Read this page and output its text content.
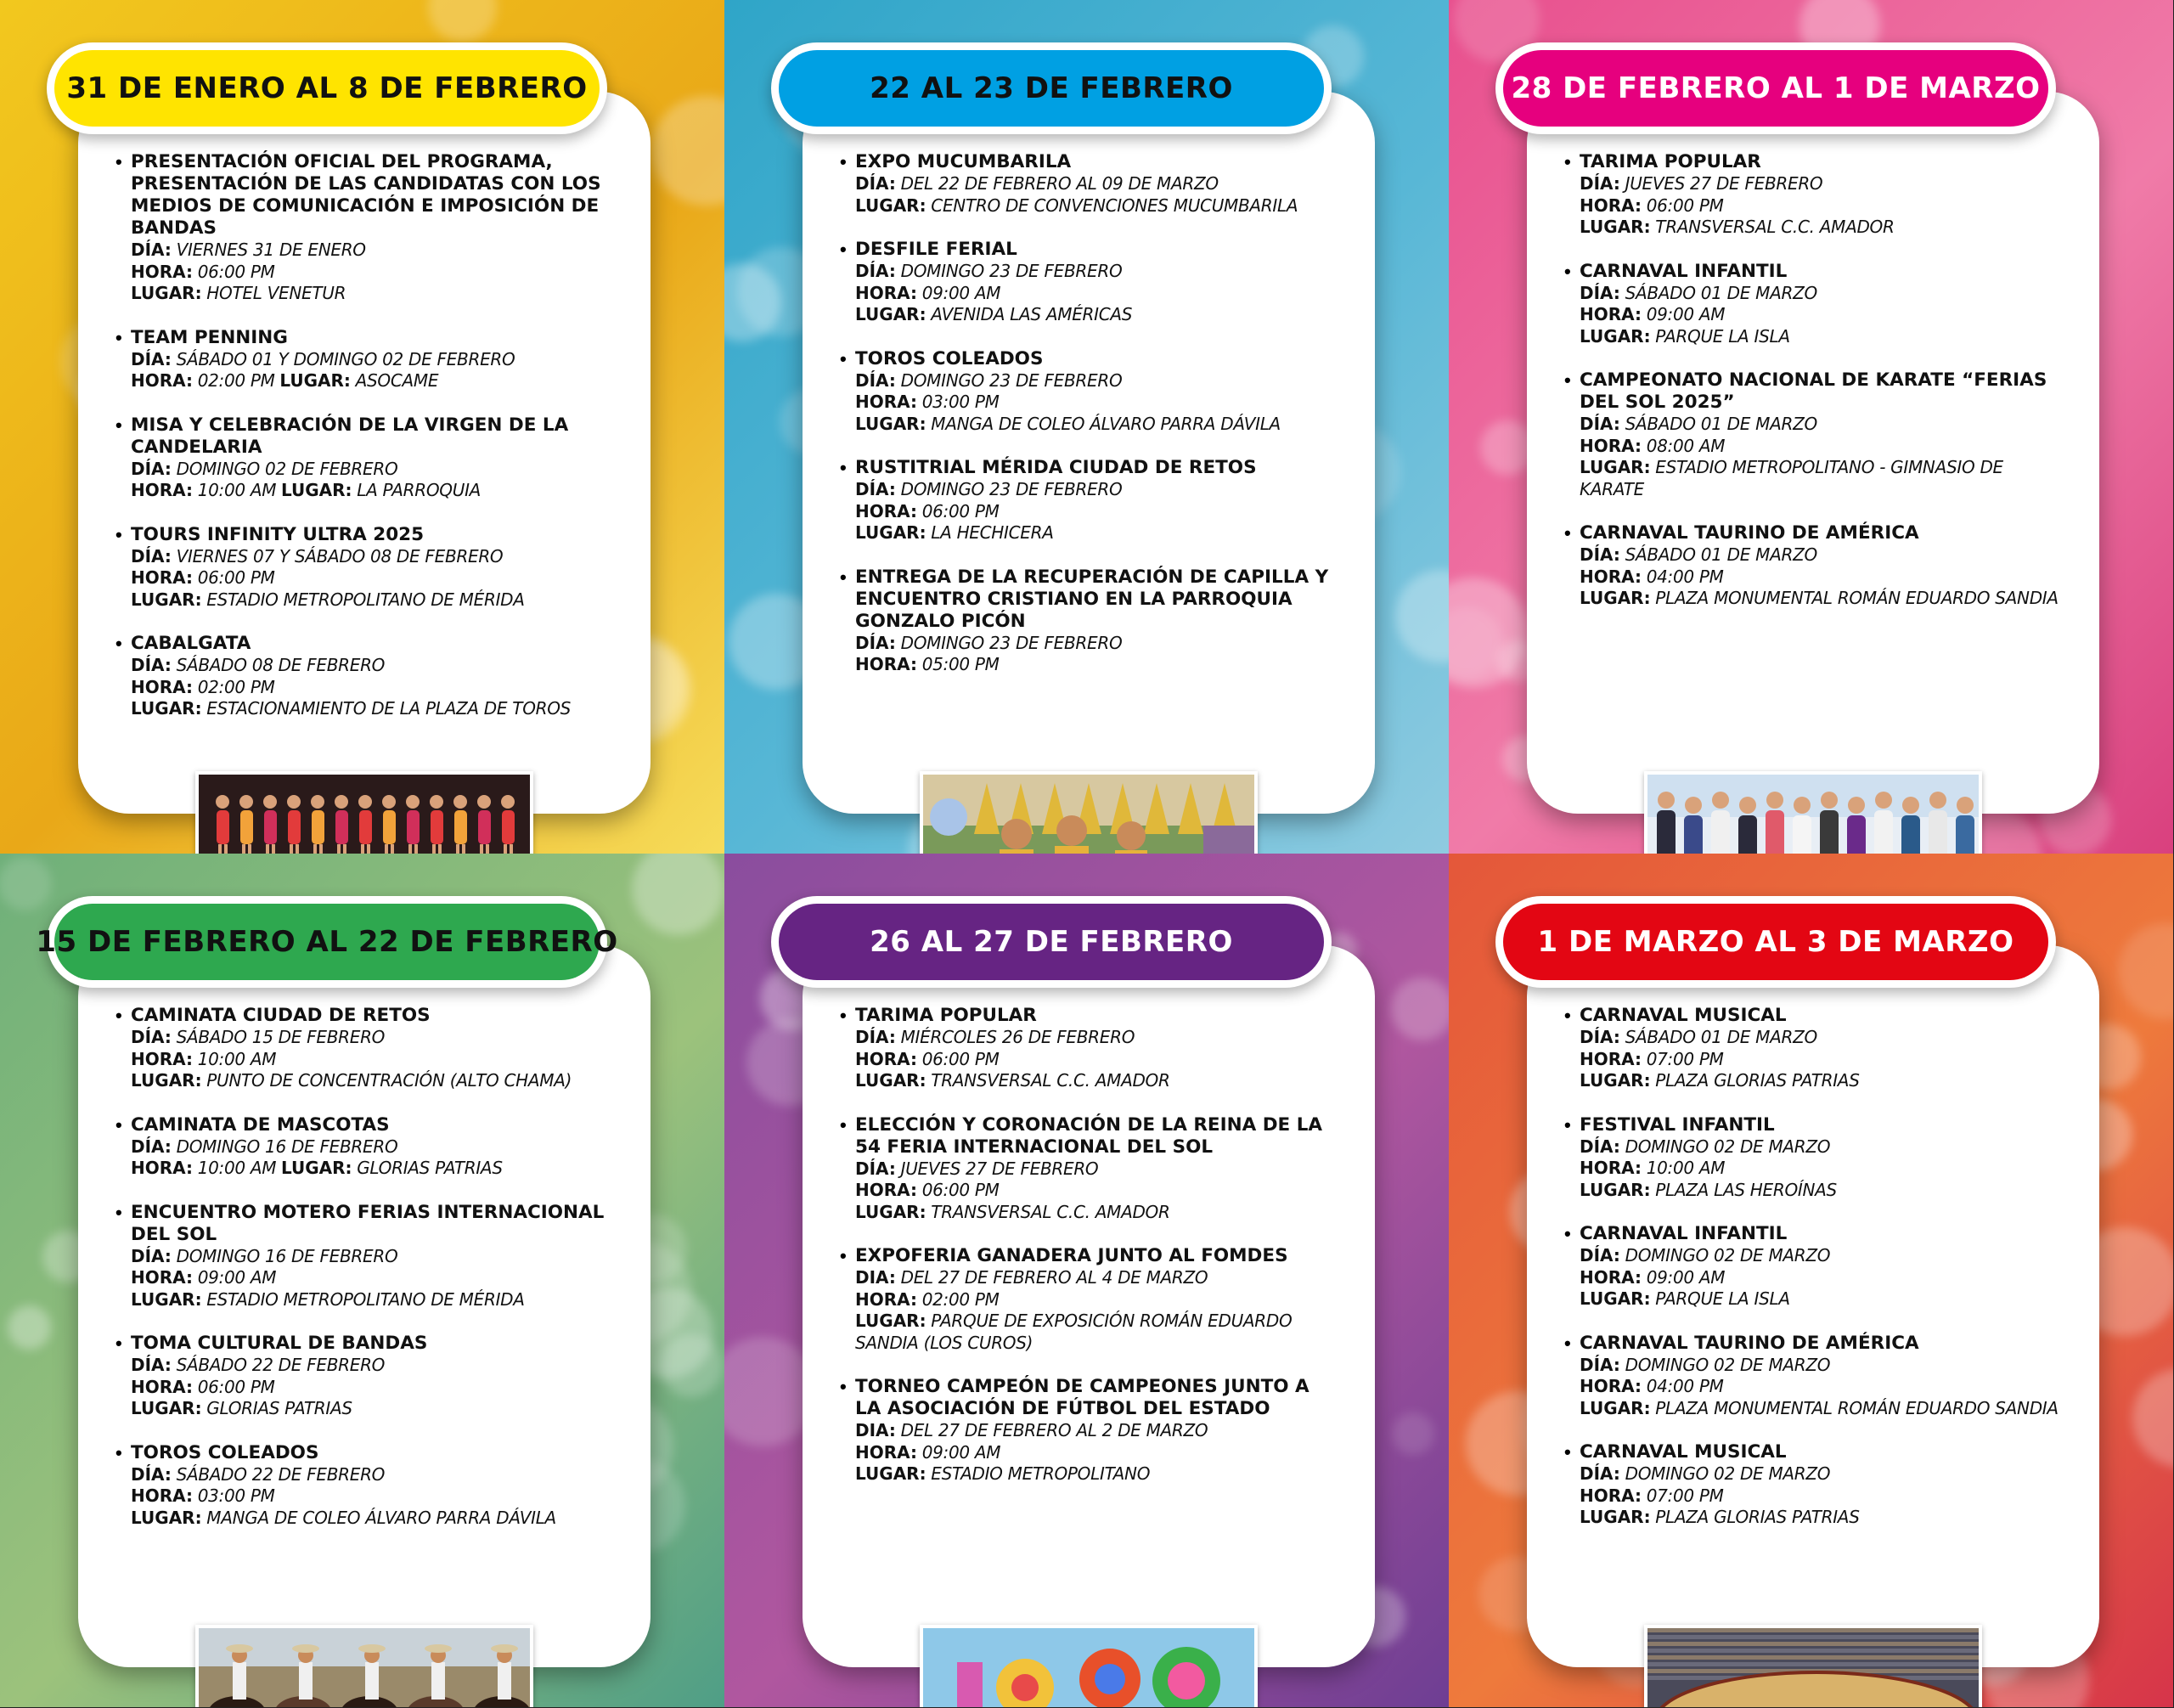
31 DE ENERO AL 8 DE FEBRERO
• PRESENTACIÓN OFICIAL DEL PROGRAMA, PRESENTACIÓN DE LAS CANDIDATAS CON LOS MEDIOS DE COMUNICACIÓN E IMPOSICIÓN DE BANDAS
DÍA: VIERNES 31 DE ENERO
HORA: 06:00 PM
LUGAR: HOTEL VENETUR
• TEAM PENNING
DÍA: SÁBADO 01 Y DOMINGO 02 DE FEBRERO
HORA: 02:00 PM LUGAR: ASOCAME
• MISA Y CELEBRACIÓN DE LA VIRGEN DE LA CANDELARIA
DÍA: DOMINGO 02 DE FEBRERO
HORA: 10:00 AM LUGAR: LA PARROQUIA
• TOURS INFINITY ULTRA 2025
DÍA: VIERNES 07 Y SÁBADO 08 DE FEBRERO
HORA: 06:00 PM
LUGAR: ESTADIO METROPOLITANO DE MÉRIDA
• CABALGATA
DÍA: SÁBADO 08 DE FEBRERO
HORA: 02:00 PM
LUGAR: ESTACIONAMIENTO DE LA PLAZA DE TOROS
22 AL 23 DE FEBRERO
• EXPO MUCUMBARILA
DÍA: DEL 22 DE FEBRERO AL 09 DE MARZO
LUGAR: CENTRO DE CONVENCIONES MUCUMBARILA
• DESFILE FERIAL
DÍA: DOMINGO 23 DE FEBRERO
HORA: 09:00 AM
LUGAR: AVENIDA LAS AMÉRICAS
• TOROS COLEADOS
DÍA: DOMINGO 23 DE FEBRERO
HORA: 03:00 PM
LUGAR: MANGA DE COLEO ÁLVARO PARRA DÁVILA
• RUSTITRIAL MÉRIDA CIUDAD DE RETOS
DÍA: DOMINGO 23 DE FEBRERO
HORA: 06:00 PM
LUGAR: LA HECHICERA
• ENTREGA DE LA RECUPERACIÓN DE CAPILLA Y ENCUENTRO CRISTIANO EN LA PARROQUIA GONZALO PICÓN
DÍA: DOMINGO 23 DE FEBRERO
HORA: 05:00 PM
28 DE FEBRERO AL 1 DE MARZO
• TARIMA POPULAR
DÍA: JUEVES 27 DE FEBRERO
HORA: 06:00 PM
LUGAR: TRANSVERSAL C.C. AMADOR
• CARNAVAL INFANTIL
DÍA: SÁBADO 01 DE MARZO
HORA: 09:00 AM
LUGAR: PARQUE LA ISLA
• CAMPEONATO NACIONAL DE KARATE “FERIAS DEL SOL 2025”
DÍA: SÁBADO 01 DE MARZO
HORA: 08:00 AM
LUGAR: ESTADIO METROPOLITANO - GIMNASIO DE KARATE
• CARNAVAL TAURINO DE AMÉRICA
DÍA: SÁBADO 01 DE MARZO
HORA: 04:00 PM
LUGAR: PLAZA MONUMENTAL ROMÁN EDUARDO SANDIA
15 DE FEBRERO AL 22 DE FEBRERO
• CAMINATA CIUDAD DE RETOS
DÍA: SÁBADO 15 DE FEBRERO
HORA: 10:00 AM
LUGAR: PUNTO DE CONCENTRACIÓN (ALTO CHAMA)
• CAMINATA DE MASCOTAS
DÍA: DOMINGO 16 DE FEBRERO
HORA: 10:00 AM LUGAR: GLORIAS PATRIAS
• ENCUENTRO MOTERO FERIAS INTERNACIONAL DEL SOL
DÍA: DOMINGO 16 DE FEBRERO
HORA: 09:00 AM
LUGAR: ESTADIO METROPOLITANO DE MÉRIDA
• TOMA CULTURAL DE BANDAS
DÍA: SÁBADO 22 DE FEBRERO
HORA: 06:00 PM
LUGAR: GLORIAS PATRIAS
• TOROS COLEADOS
DÍA: SÁBADO 22 DE FEBRERO
HORA: 03:00 PM
LUGAR: MANGA DE COLEO ÁLVARO PARRA DÁVILA
26 AL 27 DE FEBRERO
• TARIMA POPULAR
DÍA: MIÉRCOLES 26 DE FEBRERO
HORA: 06:00 PM
LUGAR: TRANSVERSAL C.C. AMADOR
• ELECCIÓN Y CORONACIÓN DE LA REINA DE LA 54 FERIA INTERNACIONAL DEL SOL
DÍA: JUEVES 27 DE FEBRERO
HORA: 06:00 PM
LUGAR: TRANSVERSAL C.C. AMADOR
• EXPOFERIA GANADERA JUNTO AL FOMDES
DIA: DEL 27 DE FEBRERO AL 4 DE MARZO
HORA: 02:00 PM
LUGAR: PARQUE DE EXPOSICIÓN ROMÁN EDUARDO SANDIA (LOS CUROS)
• TORNEO CAMPEÓN DE CAMPEONES JUNTO A LA ASOCIACIÓN DE FÚTBOL DEL ESTADO
DIA: DEL 27 DE FEBRERO AL 2 DE MARZO
HORA: 09:00 AM
LUGAR: ESTADIO METROPOLITANO
1 DE MARZO AL 3 DE MARZO
• CARNAVAL MUSICAL
DÍA: SÁBADO 01 DE MARZO
HORA: 07:00 PM
LUGAR: PLAZA GLORIAS PATRIAS
• FESTIVAL INFANTIL
DÍA: DOMINGO 02 DE MARZO
HORA: 10:00 AM
LUGAR: PLAZA LAS HEROÍNAS
• CARNAVAL INFANTIL
DÍA: DOMINGO 02 DE MARZO
HORA: 09:00 AM
LUGAR: PARQUE LA ISLA
• CARNAVAL TAURINO DE AMÉRICA
DÍA: DOMINGO 02 DE MARZO
HORA: 04:00 PM
LUGAR: PLAZA MONUMENTAL ROMÁN EDUARDO SANDIA
• CARNAVAL MUSICAL
DÍA: DOMINGO 02 DE MARZO
HORA: 07:00 PM
LUGAR: PLAZA GLORIAS PATRIAS
